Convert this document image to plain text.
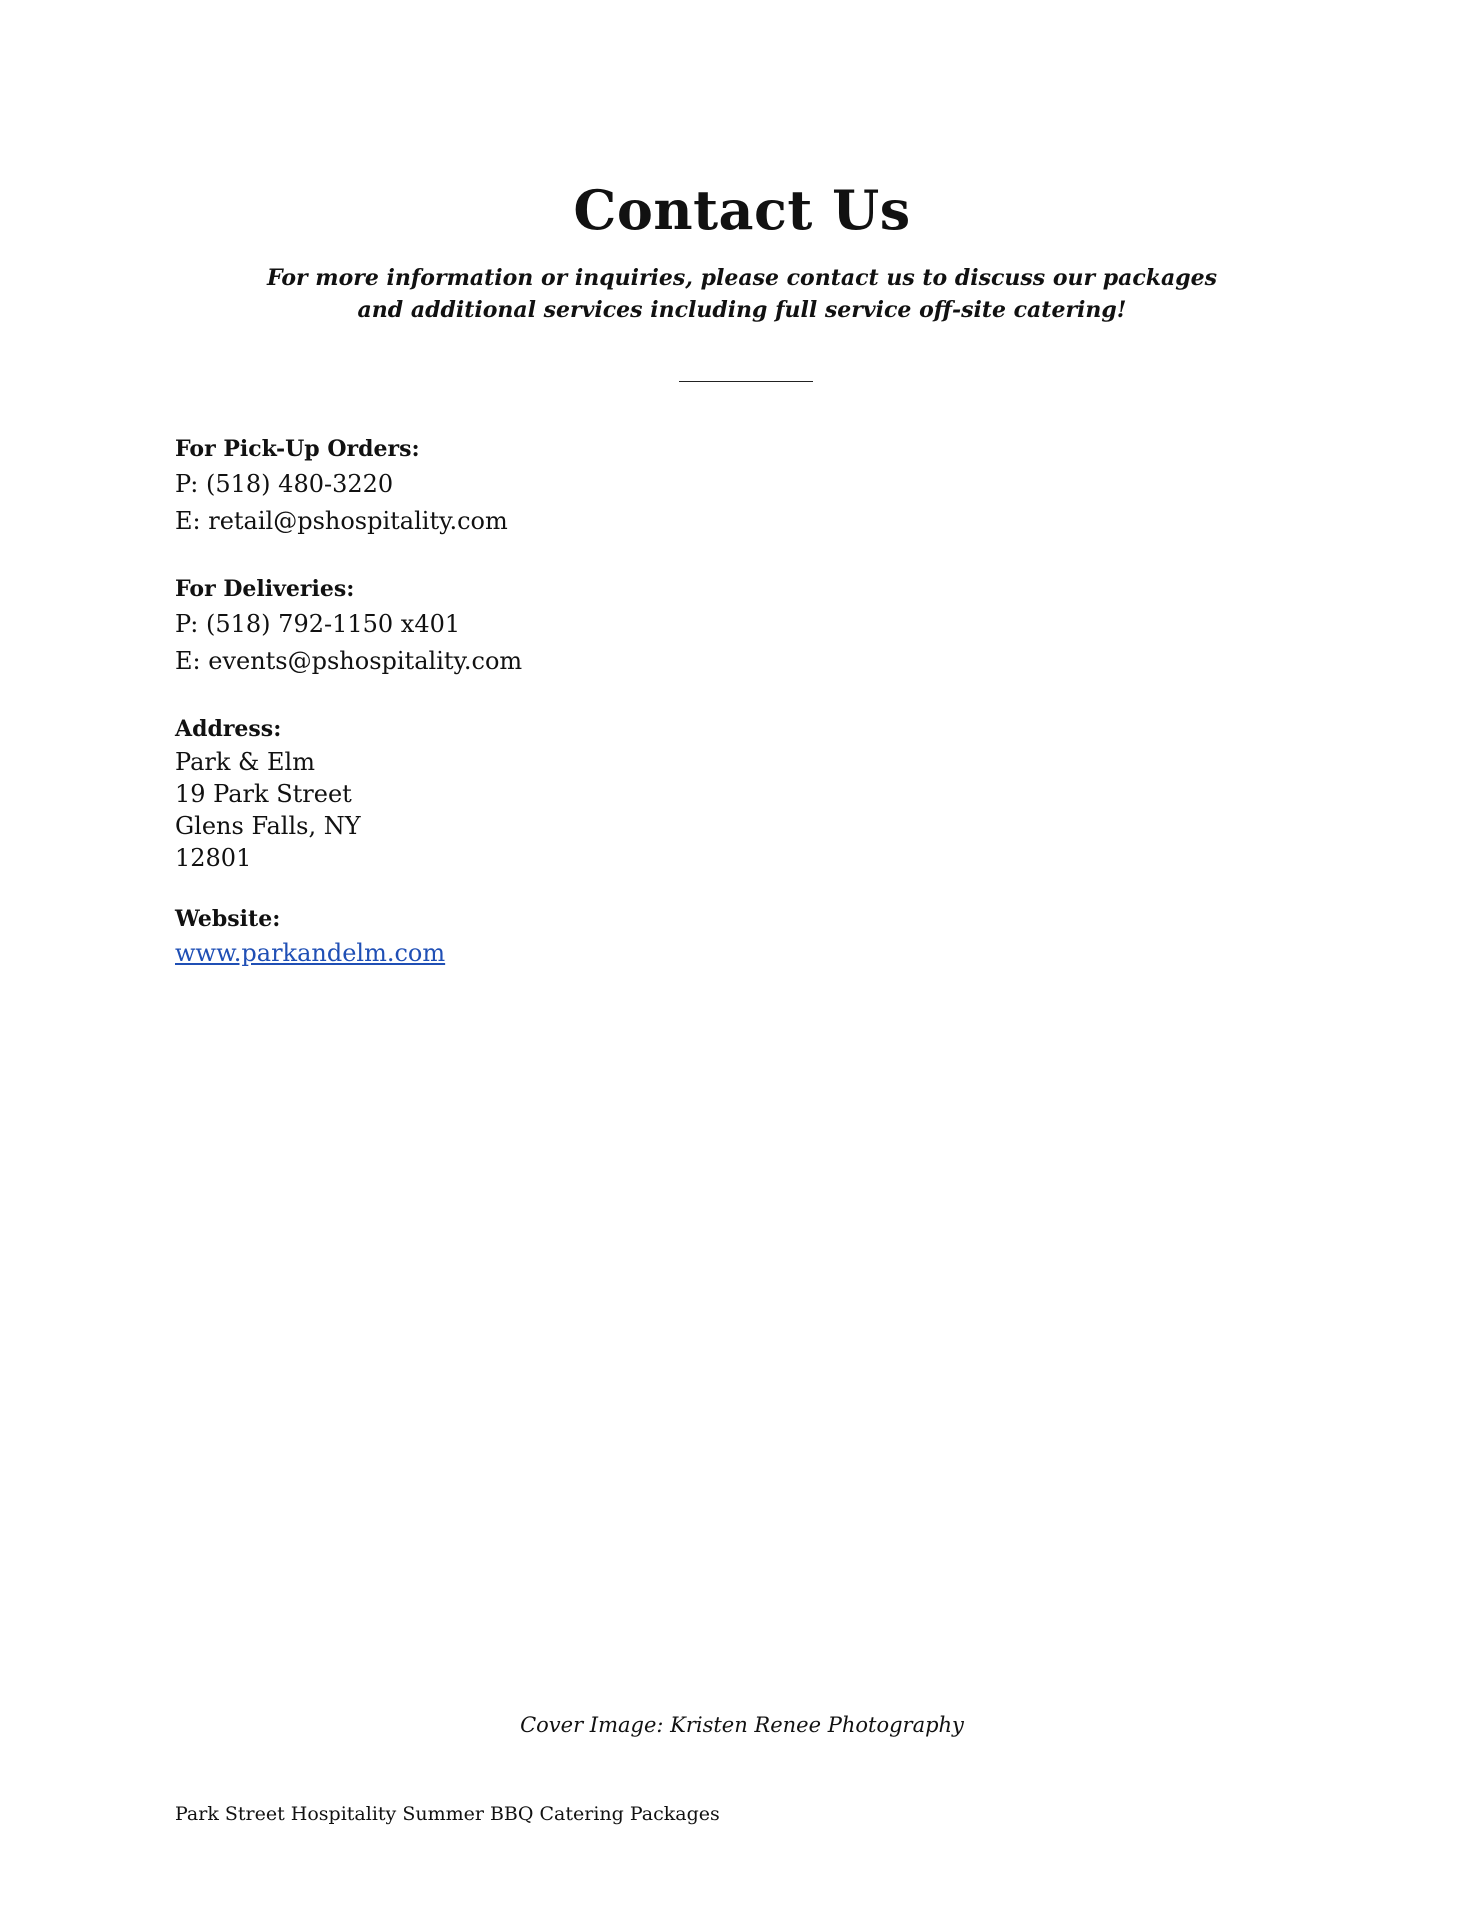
Contact Us

For more information or inquiries, please contact us to discuss our packages
and additional services including full service off-site catering!

For Pick-Up Orders:

P: (518) 480-3220

E: retail@pshospitality.com

For Deliveries:

P: (518) 792-1150 x401

E: events@pshospitality.com

Address:

Park & Elm

19 Park Street

Glens Falls, NY

12801

Website:

www.parkandelm.com

Cover Image: Kristen Renee Photography

Park Street Hospitality Summer BBQ Catering Packages
